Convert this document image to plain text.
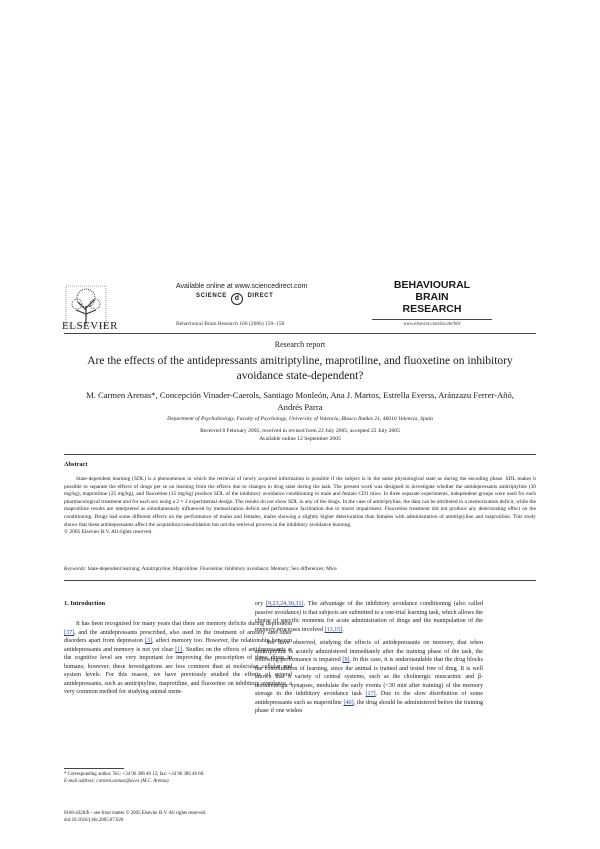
ELSEVIER
Available online at www.sciencedirect.com
SCIENCE d DIRECT
Behavioural Brain Research 166 (2006) 150–158
BEHAVIOURAL
BRAIN
RESEARCH
www.elsevier.com/locate/bbr
Research report
Are the effects of the antidepressants amitriptyline, maprotiline, and fluoxetine on inhibitory avoidance state-dependent?
M. Carmen Arenas*, Concepción Vinader-Caerols, Santiago Monleón, Ana J. Martos, Estrella Everss, Aránzazu Ferrer-Añó, Andrés Parra
Department of Psychobiology, Faculty of Psychology, University of Valencia, Blasco Ibañez 21, 46010 Valencia, Spain
Received 8 February 2005; received in revised form 22 July 2005; accepted 22 July 2005
Available online 12 September 2005
Abstract
State-dependent learning (SDL) is a phenomenon in which the retrieval of newly acquired information is possible if the subject is in the same physiological state as during the encoding phase. SDL makes it possible to separate the effects of drugs per se on learning from the effects due to changes in drug state during the task. The present work was designed to investigate whether the antidepressants amitriptyline (30 mg/kg), maprotiline (25 mg/kg), and fluoxetine (15 mg/kg) produce SDL of the inhibitory avoidance conditioning in male and female CD1 mice. In three separate experiments, independent groups were used for each pharmacological treatment and for each sex using a 2 × 2 experimental design. The results do not show SDL in any of the drugs. In the case of amitriptyline, the data can be attributed to a memorization deficit, while the maprotiline results are interpreted as simultaneously influenced by memorization deficit and performance facilitation due to motor impairment. Fluoxetine treatment did not produce any deteriorating effect on the conditioning. Drugs had some different effects on the performance of males and females, males showing a slightly higher deterioration than females with administration of amitriptyline and maprotiline. This study shows that these antidepressants affect the acquisition/consolidation but not the retrieval process in the inhibitory avoidance learning.
© 2005 Elsevier B.V. All rights reserved.
Keywords: State-dependent learning; Amitriptyline; Maprotiline; Fluoxetine; Inhibitory avoidance; Memory; Sex differences; Mice
1. Introduction

It has been recognised for many years that there are memory deficits during depression [37], and the antidepressants prescribed, also used in the treatment of anxiety and other disorders apart from depression [3], affect memory too. However, the relationship between antidepressants and memory is not yet clear [1]. Studies on the effects of antidepressants at the cognitive level are very important for improving the prescription of these drugs in humans; however, these investigations are less common than at molecular, cellular and system levels. For this reason, we have previously studied the effects of several antidepressants, such as amitriptyline, maprotiline, and fluoxetine on inhibitory avoidance, a very common method for studying animal mem-

ory [9,23,24,30,31]. The advantage of the inhibitory avoidance conditioning (also called passive avoidance) is that subjects are submitted to a one-trial learning task, which allows the choice of specific moments for acute administration of drugs and the manipulation of the memory processes involved [13,15].

We have observed, studying the effects of antidepressants on memory, that when amitriptyline is acutely administered immediately after the training phase of the task, the following performance is impaired [9]. In this case, it is understandable that the drug blocks the consolidation of learning, since the animal is trained and tested free of drug. It is well known that a variety of central systems, such as the cholinergic muscarinic and β-noradrenergic synapses, modulate the early events (<30 min after training) of the memory storage in the inhibitory avoidance task [17]. Due to the slow distribution of some antidepressants such as maprotiline [40], the drug should be administered before the training phase if one wishes

* Corresponding author. Tel.: +34 96 386 46 12; fax: +34 96 386 46 68.
E-mail address: carmen.arenas@uv.es (M.C. Arenas).
0166-4328/$ – see front matter © 2005 Elsevier B.V. All rights reserved.
doi:10.1016/j.bbr.2005.07.020
